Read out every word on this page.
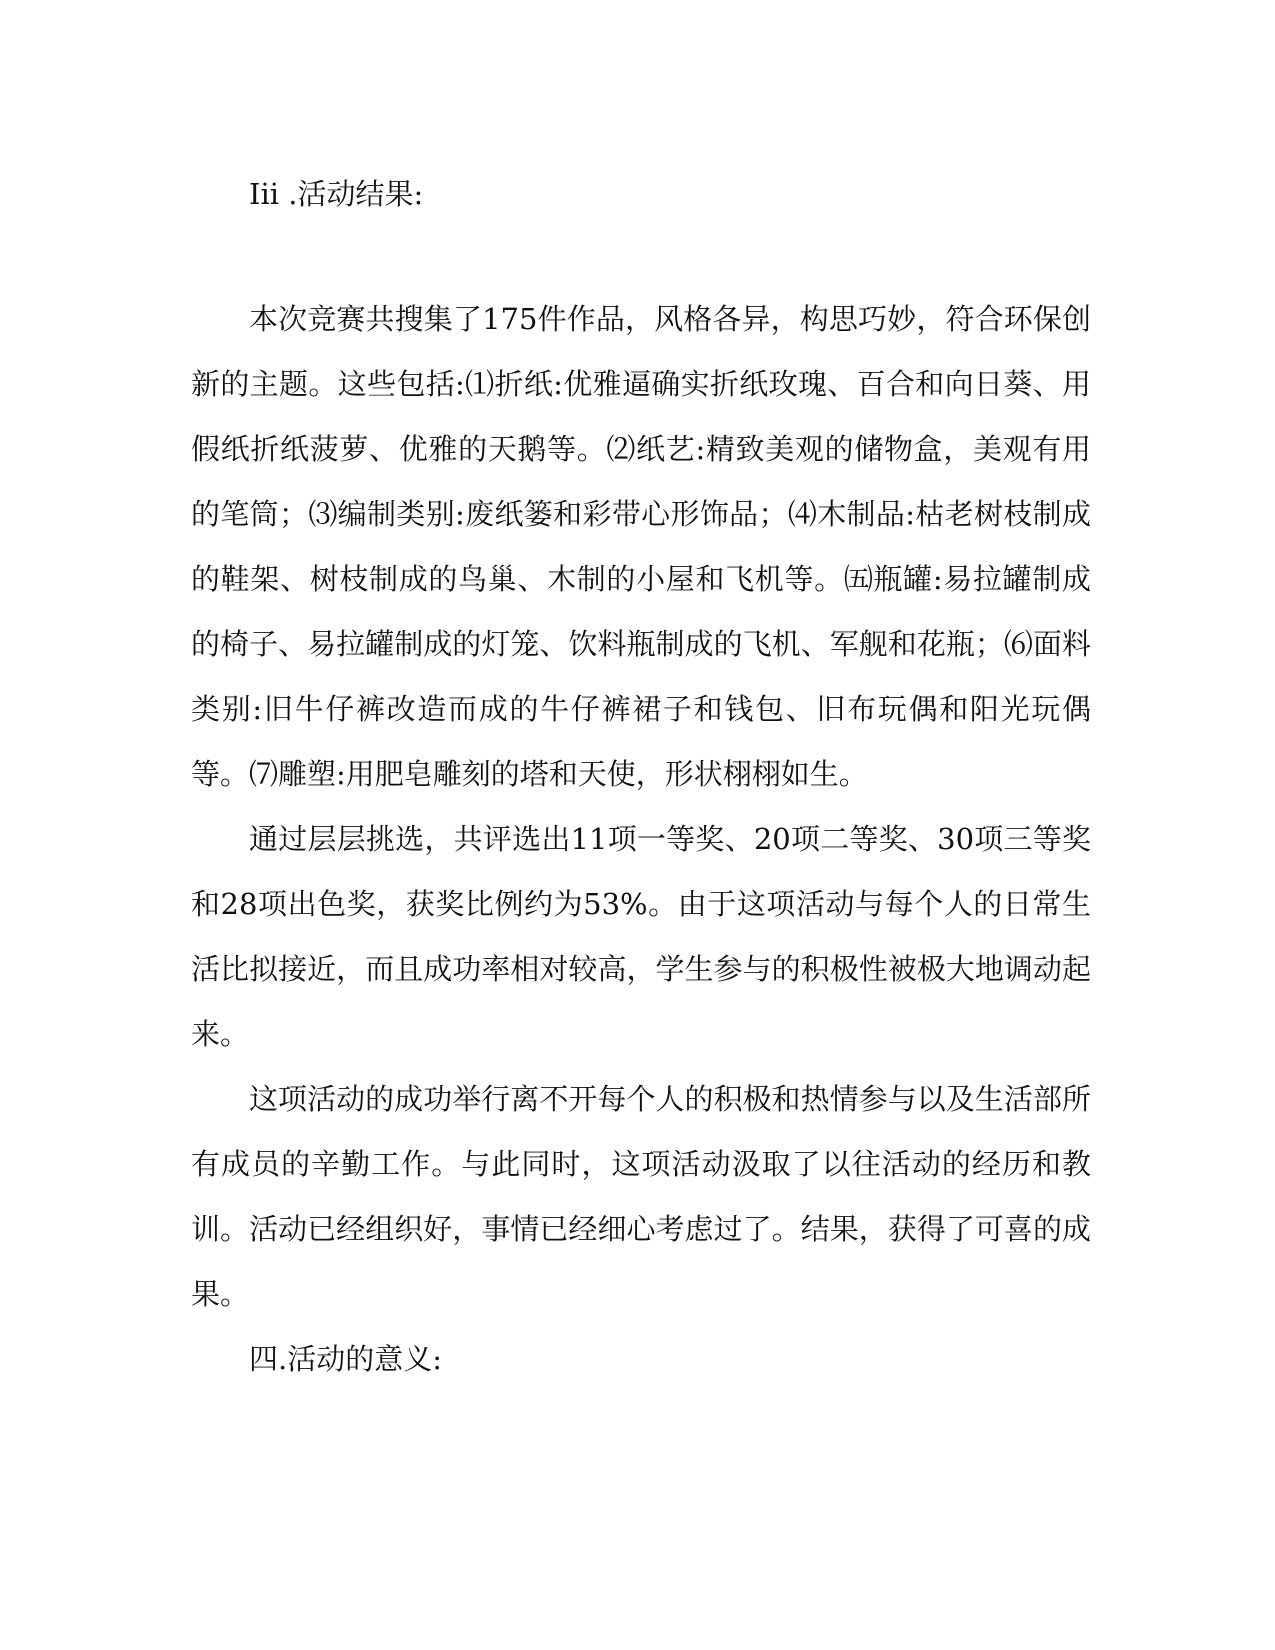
Iii .活动结果:

本次竞赛共搜集了175件作品，风格各异，构思巧妙，符合环保创新的主题。这些包括:⑴折纸:优雅逼确实折纸玫瑰、百合和向日葵、用假纸折纸菠萝、优雅的天鹅等。⑵纸艺:精致美观的储物盒，美观有用的笔筒；⑶编制类别:废纸篓和彩带心形饰品；⑷木制品:枯老树枝制成的鞋架、树枝制成的鸟巢、木制的小屋和飞机等。㈤瓶罐:易拉罐制成的椅子、易拉罐制成的灯笼、饮料瓶制成的飞机、军舰和花瓶；⑹面料类别:旧牛仔裤改造而成的牛仔裤裙子和钱包、旧布玩偶和阳光玩偶等。⑺雕塑:用肥皂雕刻的塔和天使，形状栩栩如生。

通过层层挑选，共评选出11项一等奖、20项二等奖、30项三等奖和28项出色奖，获奖比例约为53%。由于这项活动与每个人的日常生活比拟接近，而且成功率相对较高，学生参与的积极性被极大地调动起来。

这项活动的成功举行离不开每个人的积极和热情参与以及生活部所有成员的辛勤工作。与此同时，这项活动汲取了以往活动的经历和教训。活动已经组织好，事情已经细心考虑过了。结果，获得了可喜的成果。

四.活动的意义:
